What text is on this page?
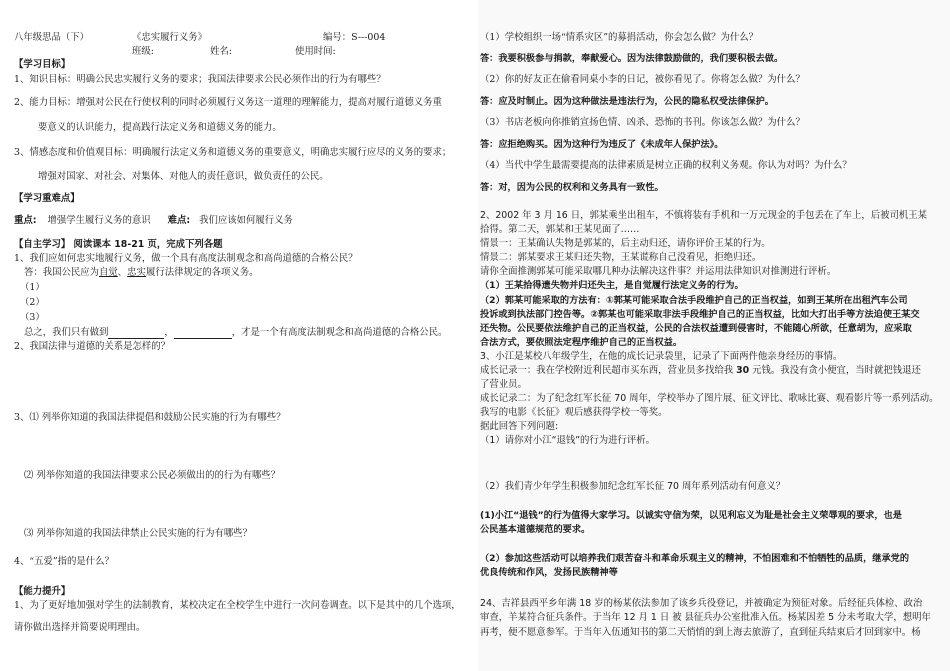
八年级思品（下）	《忠实履行义务》	编号：S---004
班级:	姓名:	使用时间:
【学习目标】
1、知识目标：明确公民忠实履行义务的要求；我国法律要求公民必须作出的行为有哪些？
2、能力目标：增强对公民在行使权利的同时必须履行义务这一道理的理解能力，提高对履行道德义务重
要意义的认识能力，提高践行法定义务和道德义务的能力。
3、情感态度和价值观目标：明确履行法定义务和道德义务的重要意义，明确忠实履行应尽的义务的要求；
增强对国家、对社会、对集体、对他人的责任意识，做负责任的公民。
【学习重难点】
重点: 增强学生履行义务的意识 难点: 我们应该如何履行义务
【自主学习】 阅读课本 18-21 页，完成下列各题
1、我们应如何忠实地履行义务，做一个具有高度法制观念和高尚道德的合格公民？
答：我国公民应为自觉、忠实履行法律规定的各项义务。
（1）
（2）
（3）
总之，我们只有做到	，	，才是一个有高度法制观念和高尚道德的合格公民。
2、我国法律与道德的关系是怎样的？
3、⑴ 列举你知道的我国法律提倡和鼓励公民实施的行为有哪些？
⑵ 列举你知道的我国法律要求公民必须做出的的行为有哪些？
⑶ 列举你知道的我国法律禁止公民实施的行为有哪些？
4、“五爱”指的是什么？
【能力提升】
1、为了更好地加强对学生的法制教育，某校决定在全校学生中进行一次问卷调查。以下是其中的几个选项，
请你做出选择并简要说明理由。
（1）学校组织一场“情系灾区”的募捐活动，你会怎么做？为什么？
答：我要积极参与捐款，奉献爱心。因为法律鼓励做的，我们要积极去做。
（2）你的好友正在偷看同桌小李的日记，被你看见了。你将怎么做？为什么？
答：应及时制止。因为这种做法是违法行为，公民的隐私权受法律保护。
（3）书店老板向你推销宣扬色情、凶杀、恐怖的书刊。你该怎么做？为什么？
答：应拒绝购买。因为这种行为违反了《未成年人保护法》。
（4）当代中学生最需要提高的法律素质是树立正确的权利义务观。你认为对吗？为什么？
答：对，因为公民的权利和义务具有一致性。
2、2002 年 3 月 16 日，郭某乘坐出租车，不慎将装有手机和一万元现金的手包丢在了车上，后被司机王某
拾得。第二天，郭某和王某见面了……
情景一：王某确认失物是郭某的，后主动归还，请你评价王某的行为。
情景二：郭某要求王某归还失物，王某谎称自己没看见，拒绝归还。
请你全面推测郭某可能采取哪几种办法解决这件事？并运用法律知识对推测进行评析。
（1）王某拾得遗失物并归还失主，是自觉履行法定义务的行为。
（2）郭某可能采取的方法有：①郭某可能采取合法手段维护自己的正当权益，如到王某所在出租汽车公司
投诉或到执法部门控告等。②郭某也可能采取非法手段维护自己的正当权益，比如大打出手等方法迫使王某交
还失物。公民要依法维护自己的正当权益，公民的合法权益遭到侵害时，不能随心所欲，任意胡为，应采取
合法方式，要依照法定程序维护自己的正当权益。
3、小江是某校八年级学生，在他的成长记录袋里，记录了下面两件他亲身经历的事情。
成长记录一：我在学校附近利民超市买东西，营业员多找给我 30 元钱。我没有贪小便宜，当时就把钱退还
了营业员。
成长记录二：为了纪念红军长征 70 周年，学校举办了图片展、征文评比、歌咏比赛、观看影片等一系列活动。
我写的电影《长征》观后感获得学校一等奖。
据此回答下列问题:
（1）请你对小江“退钱”的行为进行评析。
（2）我们青少年学生积极参加纪念红军长征 70 周年系列活动有何意义？
(1)小江“退钱”的行为值得大家学习。以诚实守信为荣，以见利忘义为耻是社会主义荣辱观的要求，也是
公民基本道德规范的要求。
（2）参加这些活动可以培养我们艰苦奋斗和革命乐观主义的精神，不怕困难和不怕牺牲的品质，继承党的
优良传统和作风，发扬民族精神等
24、吉祥县西平乡年满 18 岁的杨某依法参加了该乡兵役登记，并被确定为预征对象。后经征兵体检、政治
审查，羊某符合征兵条件。于当年 12 月 1 日 被 县征兵办公室批准入伍。杨某因差 5 分未考取大学，想明年
再考，便不愿意参军。于当年入伍通知书的第二天悄悄的到上海去旅游了，直到征兵结束后才回到家中。杨
